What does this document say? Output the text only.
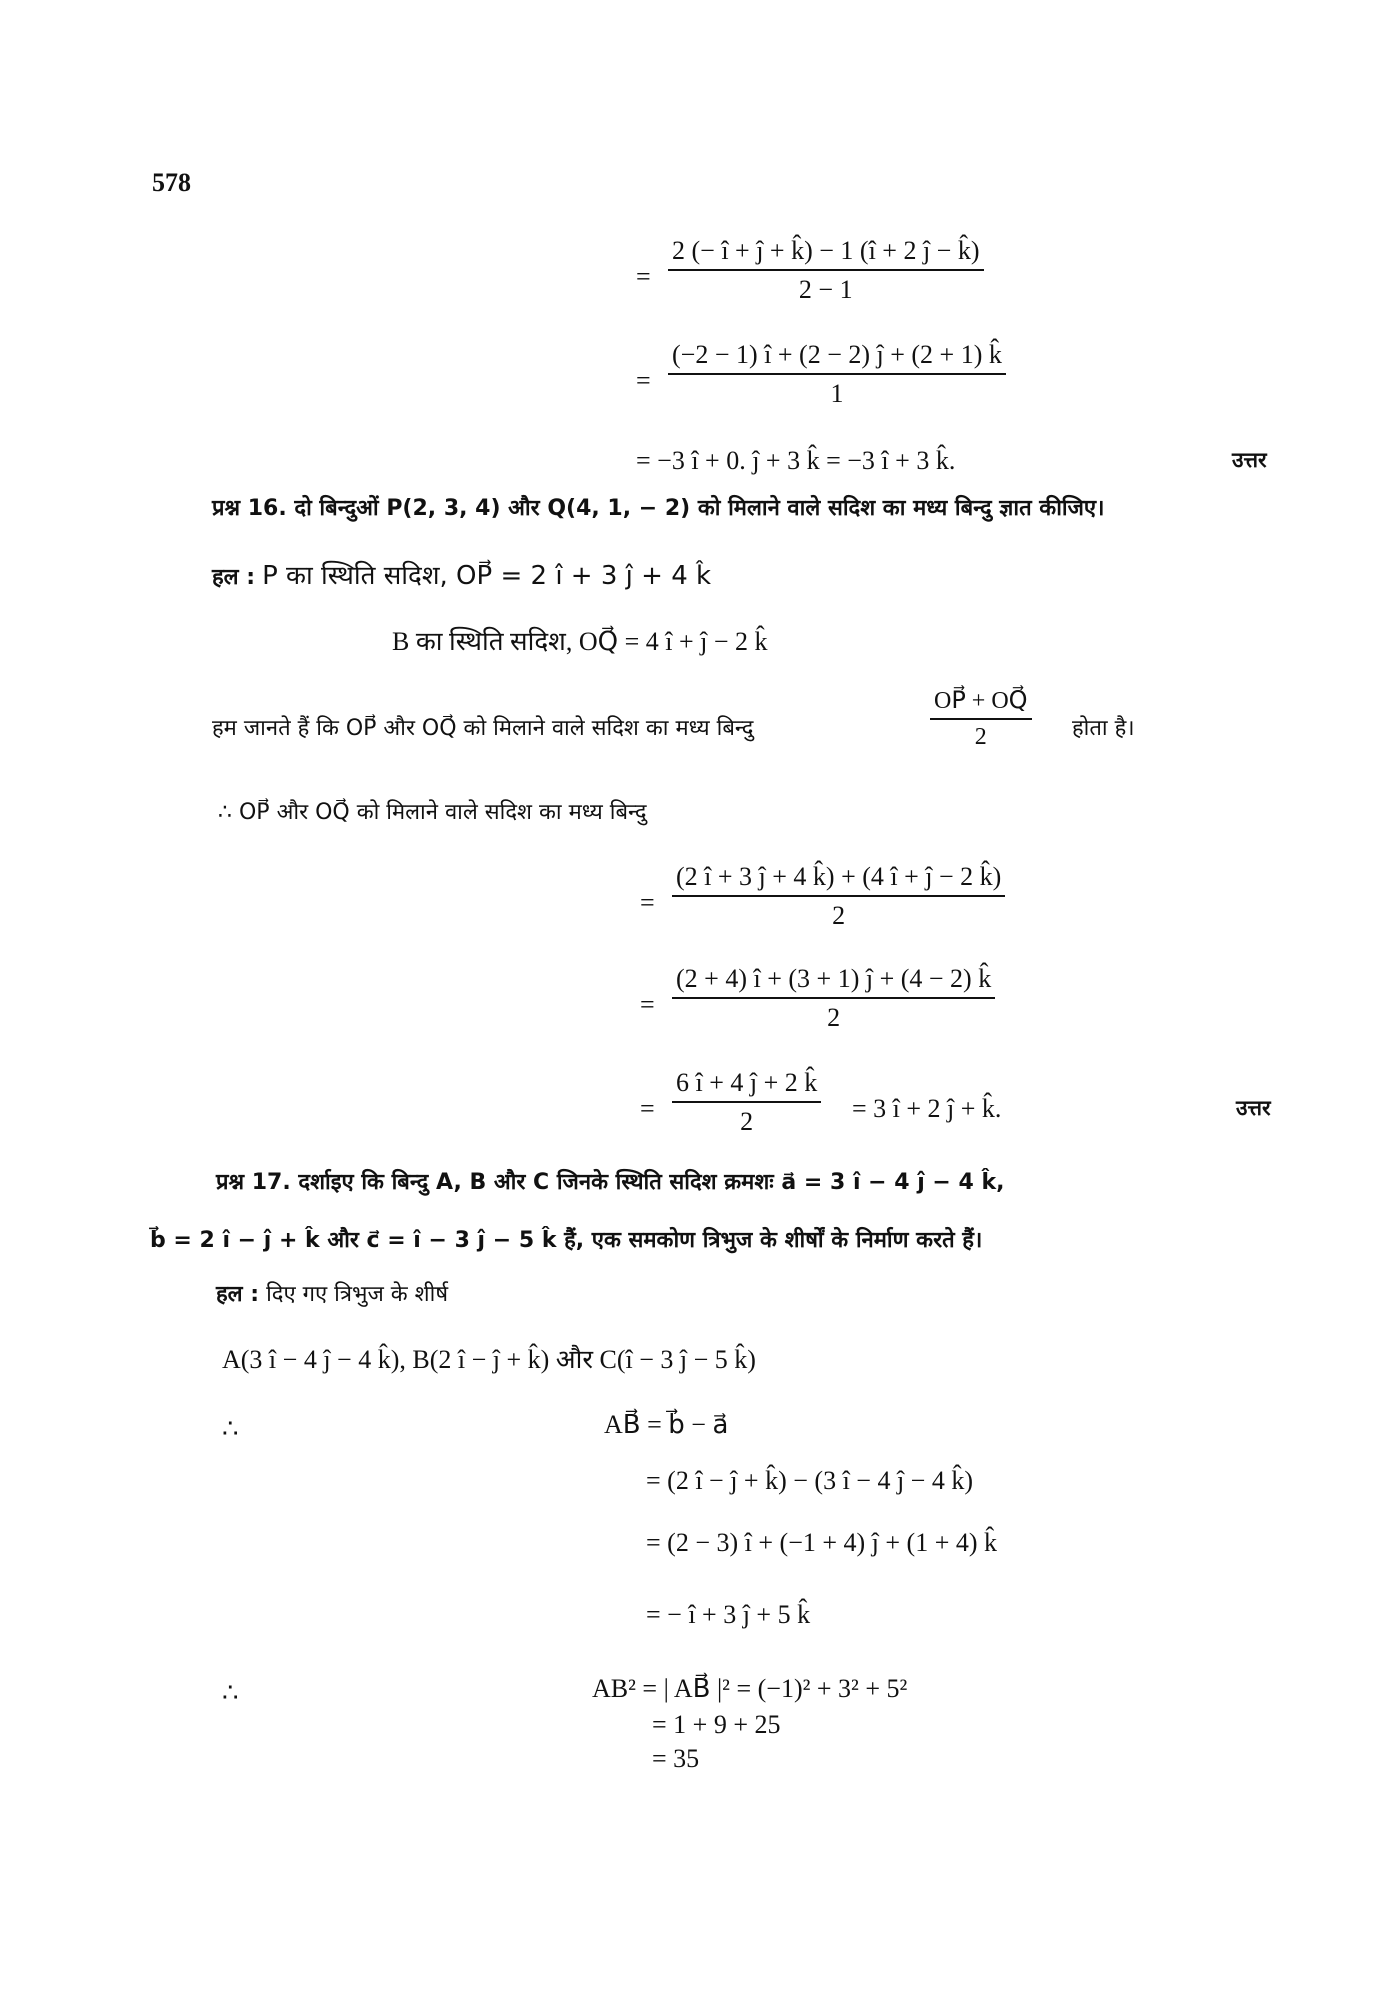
578
= $\frac{2 (- î + ĵ + k̂) - 1 (î + 2 ĵ - k̂)}{2 - 1}$
= $\frac{(-2 - 1) î + (2 - 2) ĵ + (2 + 1) k̂}{1}$
= −3 î + 0. ĵ + 3 k̂ = −3 î + 3 k̂.	उत्तर
प्रश्न 16. दो बिन्दुओं P(2, 3, 4) और Q(4, 1, − 2) को मिलाने वाले सदिश का मध्य बिन्दु ज्ञात कीजिए।
हल : P का स्थिति सदिश, OP⃗ = 2 î + 3 ĵ + 4 k̂
B का स्थिति सदिश, OQ⃗ = 4 î + ĵ − 2 k̂
हम जानते हैं कि OP⃗ और OQ⃗ को मिलाने वाले सदिश का मध्य बिन्दु	$\frac{OP⃗ + OQ⃗}{2}$ होता है।
∴ OP⃗ और OQ⃗ को मिलाने वाले सदिश का मध्य बिन्दु
= $\frac{(2 î + 3 ĵ + 4 k̂) + (4 î + ĵ - 2 k̂)}{2}$
= $\frac{(2 + 4) î + (3 + 1) ĵ + (4 - 2) k̂}{2}$
= $\frac{6 î + 4 ĵ + 2 k̂}{2} = 3$ î + 2 ĵ + k̂.	उत्तर
प्रश्न 17. दर्शाइए कि बिन्दु A, B और C जिनके स्थिति सदिश क्रमशः a⃗ = 3 î − 4 ĵ − 4 k̂,
b⃗ = 2 î − ĵ + k̂ और c⃗ = î − 3 ĵ − 5 k̂ हैं, एक समकोण त्रिभुज के शीर्षों के निर्माण करते हैं।
हल : दिए गए त्रिभुज के शीर्ष
A(3 î − 4 ĵ − 4 k̂), B(2 î − ĵ + k̂) और C(î − 3 ĵ − 5 k̂)
∴	AB⃗ = b⃗ − a⃗
= (2 î − ĵ + k̂) − (3 î − 4 ĵ − 4 k̂)
= (2 − 3) î + (−1 + 4) ĵ + (1 + 4) k̂
= − î + 3 ĵ + 5 k̂
∴	AB² = | AB⃗ |² = (−1)² + 3² + 5²
= 1 + 9 + 25
= 35
